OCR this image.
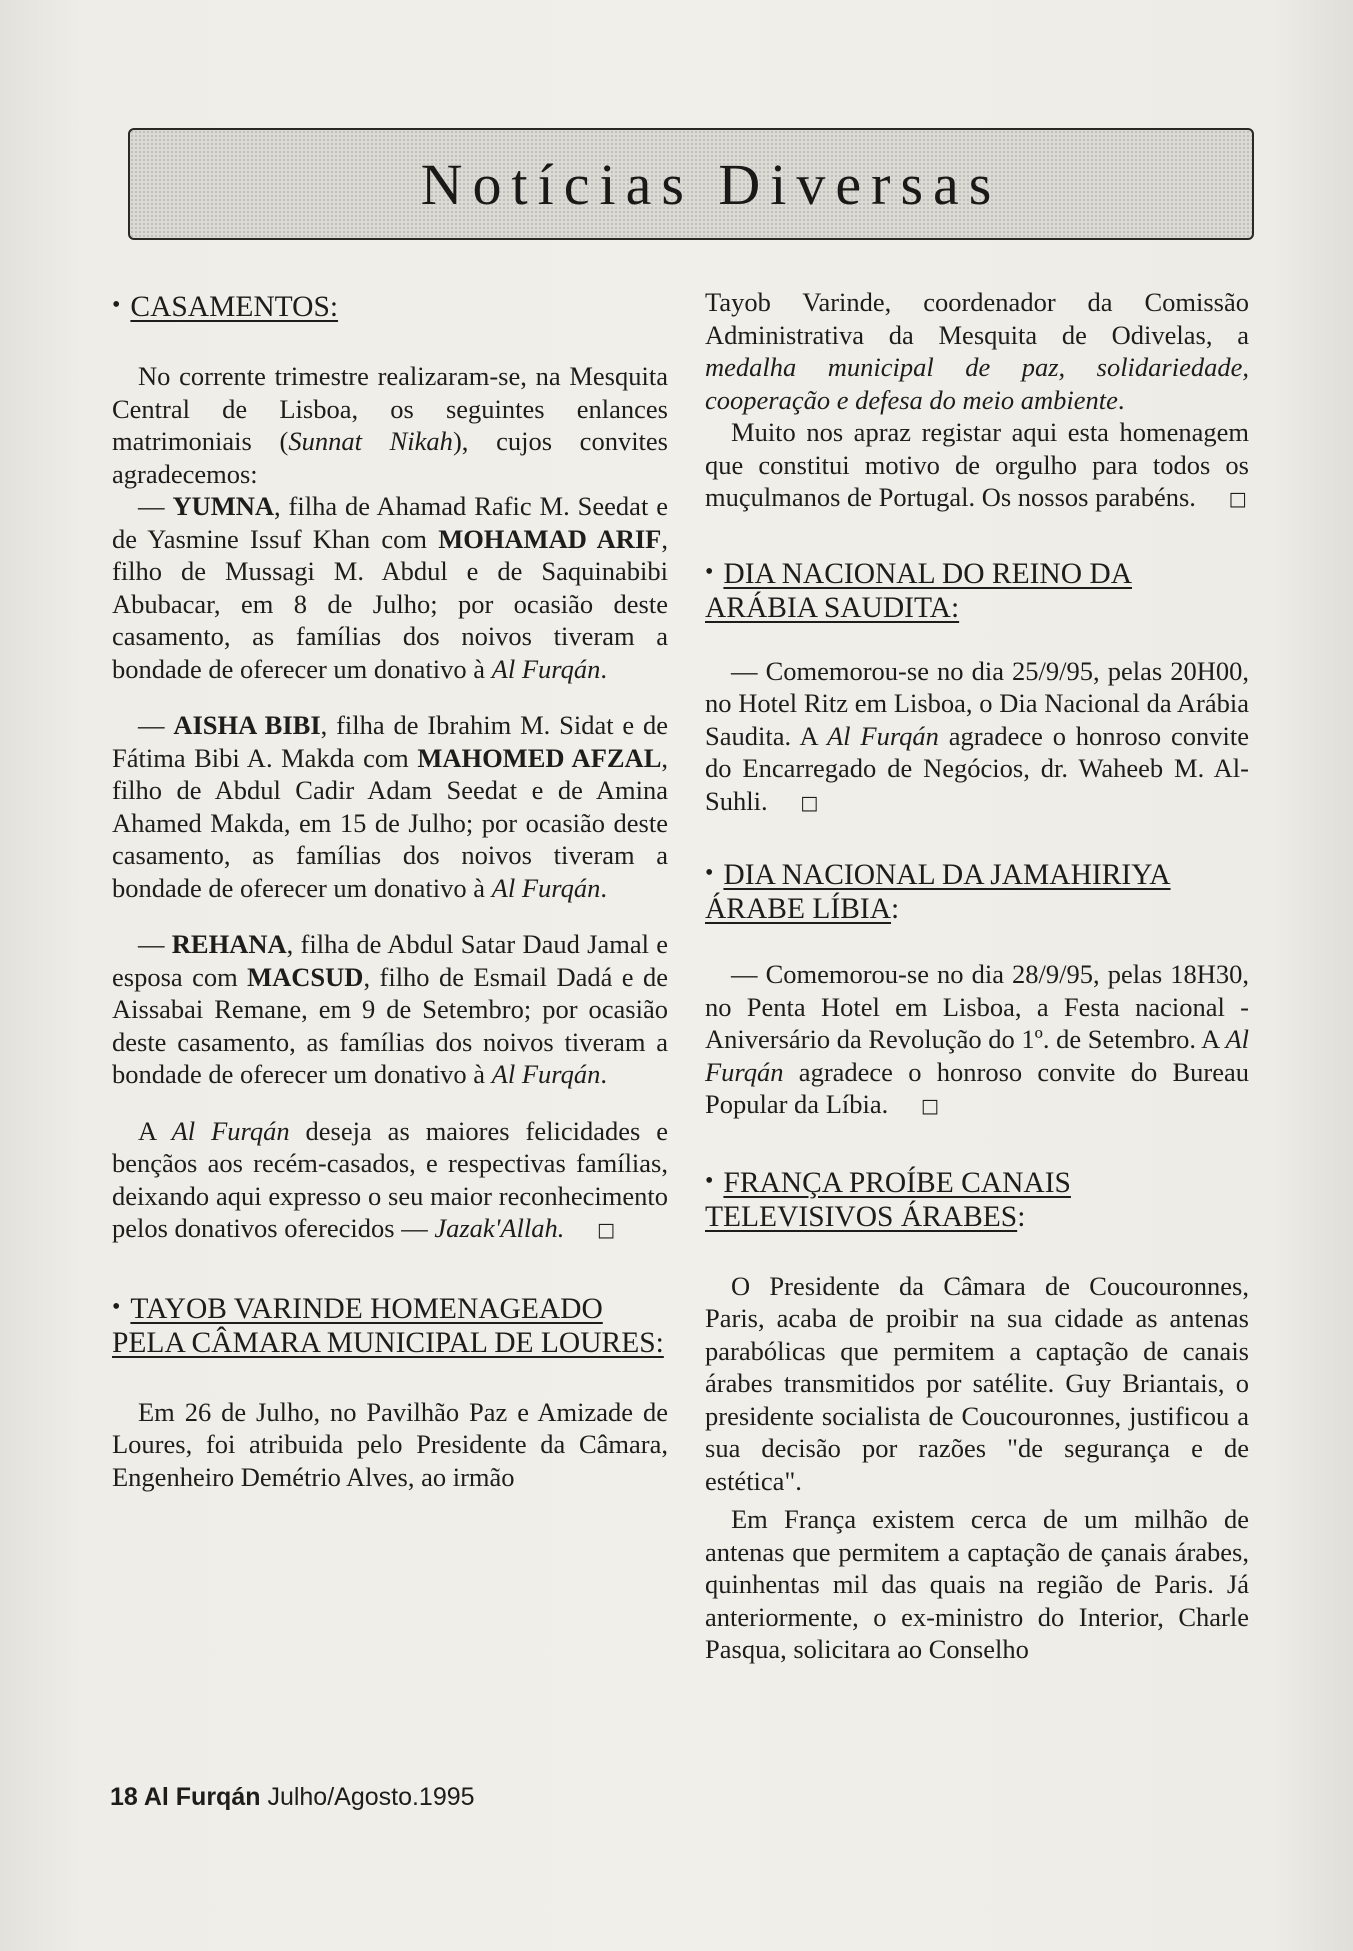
Notícias Diversas

• CASAMENTOS:

No corrente trimestre realizaram-se, na Mesquita Central de Lisboa, os seguintes enlances matrimoniais (Sunnat Nikah), cujos convites agradecemos:

— YUMNA, filha de Ahamad Rafic M. Seedat e de Yasmine Issuf Khan com MOHAMAD ARIF, filho de Mussagi M. Abdul e de Saquinabibi Abubacar, em 8 de Julho; por ocasião deste casamento, as famílias dos noivos tiveram a bondade de oferecer um donativo à Al Furqán.

— AISHA BIBI, filha de Ibrahim M. Sidat e de Fátima Bibi A. Makda com MAHOMED AFZAL, filho de Abdul Cadir Adam Seedat e de Amina Ahamed Makda, em 15 de Julho; por ocasião deste casamento, as famílias dos noivos tiveram a bondade de oferecer um donativo à Al Furqán.

— REHANA, filha de Abdul Satar Daud Jamal e esposa com MACSUD, filho de Esmail Dadá e de Aissabai Remane, em 9 de Setembro; por ocasião deste casamento, as famílias dos noivos tiveram a bondade de oferecer um donativo à Al Furqán.

A Al Furqán deseja as maiores felicidades e bençãos aos recém-casados, e respectivas famílias, deixando aqui expresso o seu maior reconhecimento pelos donativos oferecidos — Jazak'Allah. □

• TAYOB VARINDE HOMENAGEADO PELA CÂMARA MUNICIPAL DE LOURES:

Em 26 de Julho, no Pavilhão Paz e Amizade de Loures, foi atribuida pelo Presidente da Câmara, Engenheiro Demétrio Alves, ao irmão

Tayob Varinde, coordenador da Comissão Administrativa da Mesquita de Odivelas, a medalha municipal de paz, solidariedade, cooperação e defesa do meio ambiente.

Muito nos apraz registar aqui esta homenagem que constitui motivo de orgulho para todos os muçulmanos de Portugal. Os nossos parabéns. □

• DIA NACIONAL DO REINO DA ARÁBIA SAUDITA:

— Comemorou-se no dia 25/9/95, pelas 20H00, no Hotel Ritz em Lisboa, o Dia Nacional da Arábia Saudita. A Al Furqán agradece o honroso convite do Encarregado de Negócios, dr. Waheeb M. Al-Suhli. □

• DIA NACIONAL DA JAMAHIRIYA ÁRABE LÍBIA:

— Comemorou-se no dia 28/9/95, pelas 18H30, no Penta Hotel em Lisboa, a Festa nacional - Aniversário da Revolução do 1º. de Setembro. A Al Furqán agradece o honroso convite do Bureau Popular da Líbia. □

• FRANÇA PROÍBE CANAIS TELEVISIVOS ÁRABES:

O Presidente da Câmara de Coucouronnes, Paris, acaba de proibir na sua cidade as antenas parabólicas que permitem a captação de canais árabes transmitidos por satélite. Guy Briantais, o presidente socialista de Coucouronnes, justificou a sua decisão por razões "de segurança e de estética".

Em França existem cerca de um milhão de antenas que permitem a captação de çanais árabes, quinhentas mil das quais na região de Paris. Já anteriormente, o ex-ministro do Interior, Charle Pasqua, solicitara ao Conselho

18 Al Furqán Julho/Agosto.1995
